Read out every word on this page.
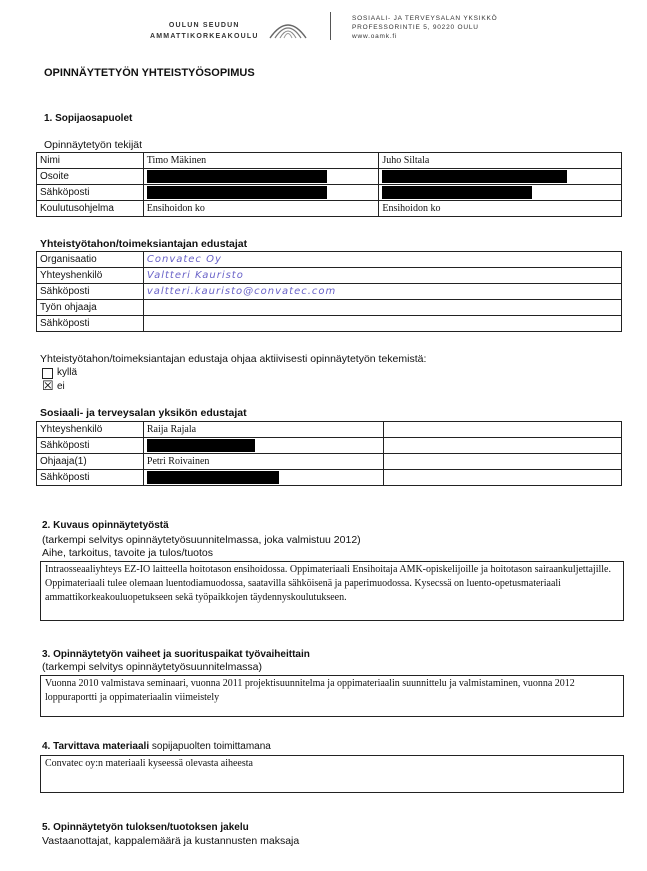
OULUN SEUDUN
AMMATTIKORKEAKOULU
SOSIAALI- JA TERVEYSALAN YKSIKKÖ
PROFESSORINTIE 5, 90220 OULU
www.oamk.fi
OPINNÄYTETYÖN YHTEISTYÖSOPIMUS
1. Sopijaosapuolet
Opinnäytetyön tekijät
Nimi	Timo Mäkinen	Juho Siltala
Osoite		
Sähköposti		
Koulutusohjelma	Ensihoidon ko	Ensihoidon ko
Yhteistyötahon/toimeksiantajan edustajat
Organisaatio	Convatec Oy
Yhteyshenkilö	Valtteri Kauristo
Sähköposti	valtteri.kauristo@convatec.com
Työn ohjaaja	
Sähköposti	
Yhteistyötahon/toimeksiantajan edustaja ohjaa aktiivisesti opinnäytetyön tekemistä:
kyllä
☒ ei
Sosiaali- ja terveysalan yksikön edustajat
Yhteyshenkilö	Raija Rajala	
Sähköposti		
Ohjaaja(1)	Petri Roivainen	
Sähköposti		
2. Kuvaus opinnäytetyöstä
(tarkempi selvitys opinnäytetyösuunnitelmassa, joka valmistuu 2012)
Aihe, tarkoitus, tavoite ja tulos/tuotos
Intraosseaaliyhteys EZ-IO laitteella hoitotason ensihoidossa. Oppimateriaali Ensihoitaja AMK-opiskelijoille ja hoitotason sairaankuljettajille. Oppimateriaali tulee olemaan luentodiamuodossa, saatavilla sähköisenä ja paperimuodossa. Kysecssä on luento-opetusmateriaali ammattikorkeakouluopetukseen sekä työpaikkojen täydennyskoulutukseen.
3. Opinnäytetyön vaiheet ja suorituspaikat työvaiheittain
(tarkempi selvitys opinnäytetyösuunnitelmassa)
Vuonna 2010 valmistava seminaari, vuonna 2011 projektisuunnitelma ja oppimateriaalin suunnittelu ja valmistaminen, vuonna 2012 loppuraportti ja oppimateriaalin viimeistely
4. Tarvittava materiaali sopijapuolten toimittamana
Convatec oy:n materiaali kyseessä olevasta aiheesta
5. Opinnäytetyön tuloksen/tuotoksen jakelu
Vastaanottajat, kappalemäärä ja kustannusten maksaja
